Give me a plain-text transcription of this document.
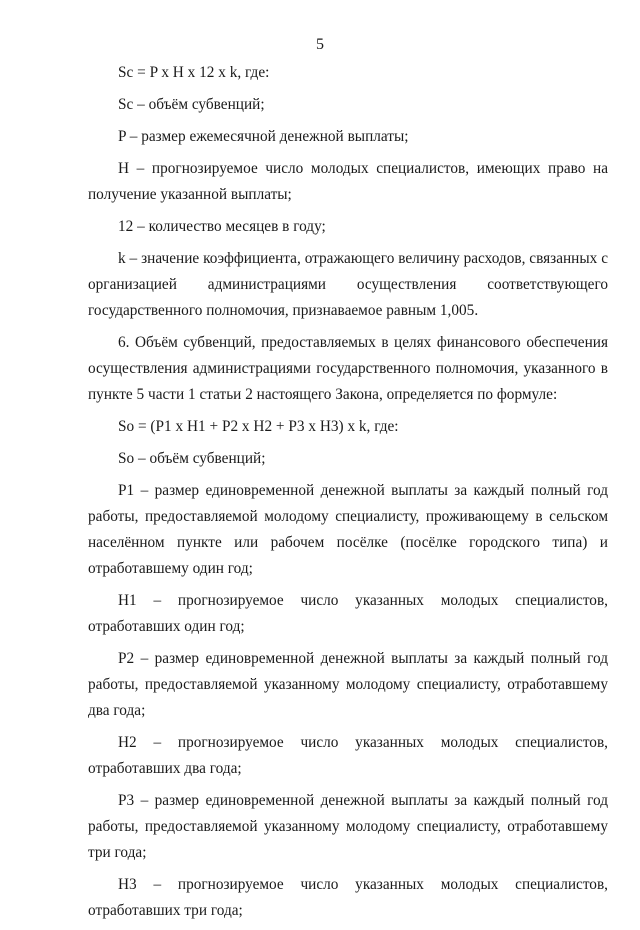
5

Sc = P x H x 12 x k, где:

Sc – объём субвенций;

P – размер ежемесячной денежной выплаты;

H – прогнозируемое число молодых специалистов, имеющих право на получение указанной выплаты;

12 – количество месяцев в году;

k – значение коэффициента, отражающего величину расходов, связанных с организацией администрациями осуществления соответствующего государственного полномочия, признаваемое равным 1,005.

6. Объём субвенций, предоставляемых в целях финансового обеспечения осуществления администрациями государственного полномочия, указанного в пункте 5 части 1 статьи 2 настоящего Закона, определяется по формуле:

So = (P1 x H1 + P2 x H2 + P3 x H3) x k, где:

So – объём субвенций;

P1 – размер единовременной денежной выплаты за каждый полный год работы, предоставляемой молодому специалисту, проживающему в сельском населённом пункте или рабочем посёлке (посёлке городского типа) и отработавшему один год;

H1 – прогнозируемое число указанных молодых специалистов, отработавших один год;

P2 – размер единовременной денежной выплаты за каждый полный год работы, предоставляемой указанному молодому специалисту, отработавшему два года;

H2 – прогнозируемое число указанных молодых специалистов, отработавших два года;

P3 – размер единовременной денежной выплаты за каждый полный год работы, предоставляемой указанному молодому специалисту, отработавшему три года;

H3 – прогнозируемое число указанных молодых специалистов, отработавших три года;
